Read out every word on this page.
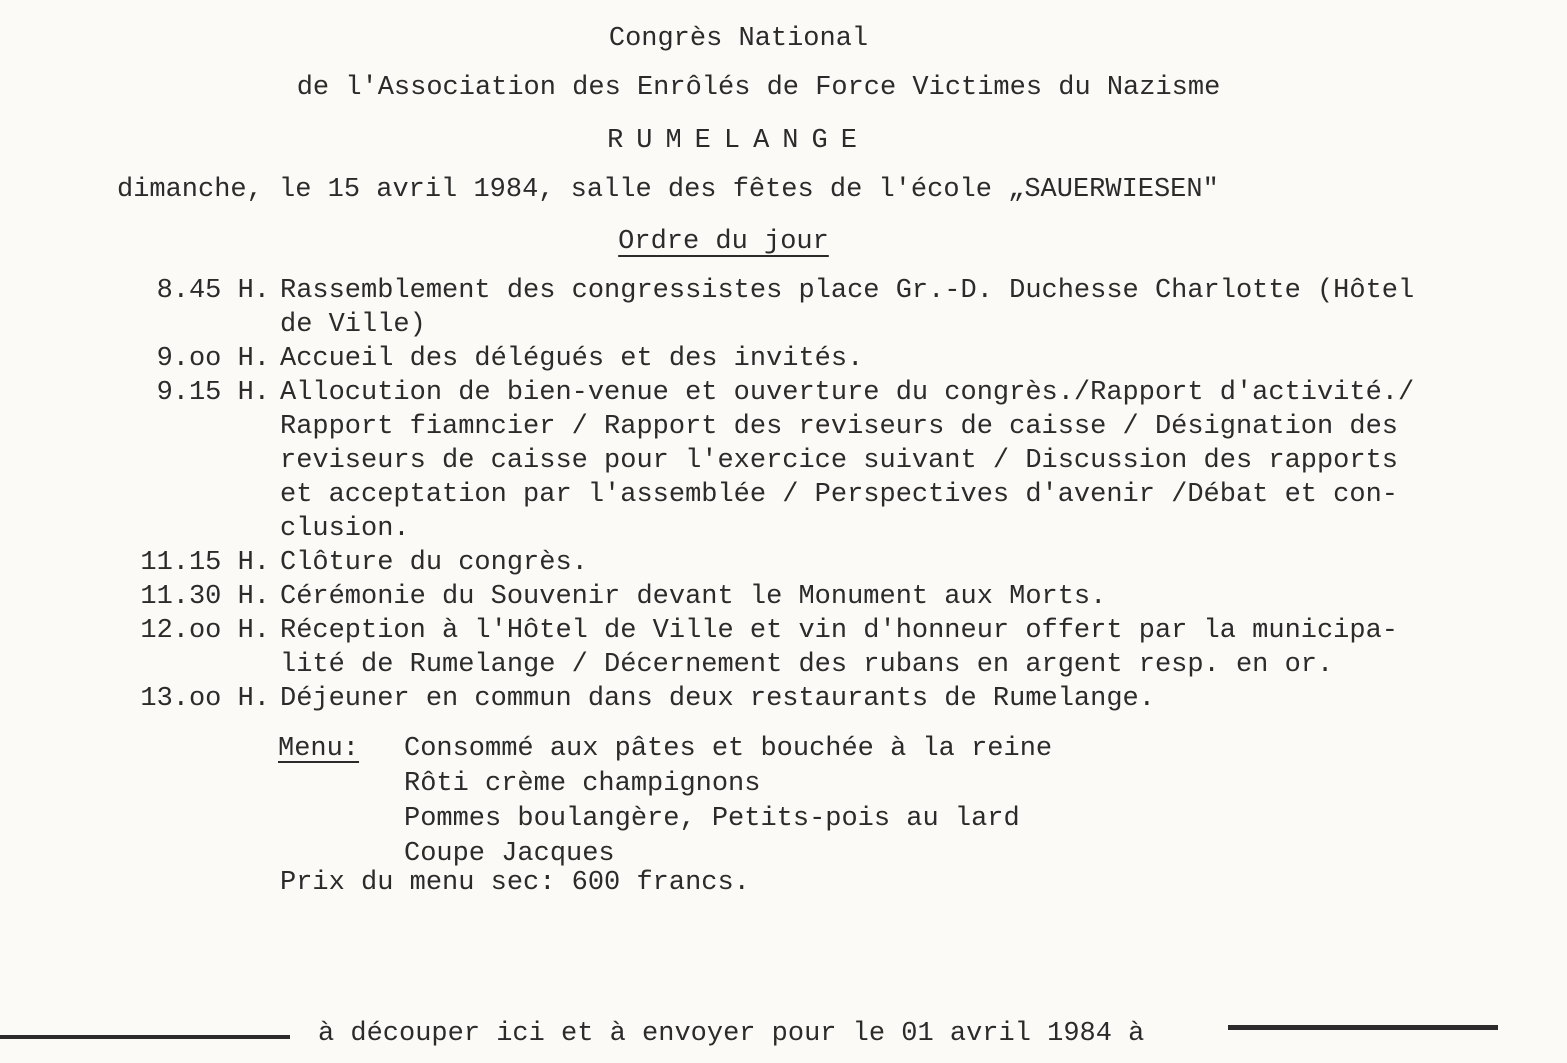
Congrès National
de l'Association des Enrôlés de Force Victimes du Nazisme
RUMELANGE
dimanche, le 15 avril 1984, salle des fêtes de l'école „SAUERWIESEN"
Ordre du jour
8.45 H. Rassemblement des congressistes place Gr.-D. Duchesse Charlotte (Hôtel
de Ville)
9.oo H. Accueil des délégués et des invités.
9.15 H. Allocution de bien-venue et ouverture du congrès./Rapport d'activité./
Rapport fiamncier / Rapport des reviseurs de caisse / Désignation des
reviseurs de caisse pour l'exercice suivant / Discussion des rapports
et acceptation par l'assemblée / Perspectives d'avenir /Débat et con-
clusion.
11.15 H. Clôture du congrès.
11.30 H. Cérémonie du Souvenir devant le Monument aux Morts.
12.oo H. Réception à l'Hôtel de Ville et vin d'honneur offert par la municipa-
lité de Rumelange / Décernement des rubans en argent resp. en or.
13.oo H. Déjeuner en commun dans deux restaurants de Rumelange.
Menu:	Consommé aux pâtes et bouchée à la reine
Rôti crème champignons
Pommes boulangère, Petits-pois au lard
Coupe Jacques
Prix du menu sec: 600 francs.
à découper ici et à envoyer pour le 01 avril 1984 à
